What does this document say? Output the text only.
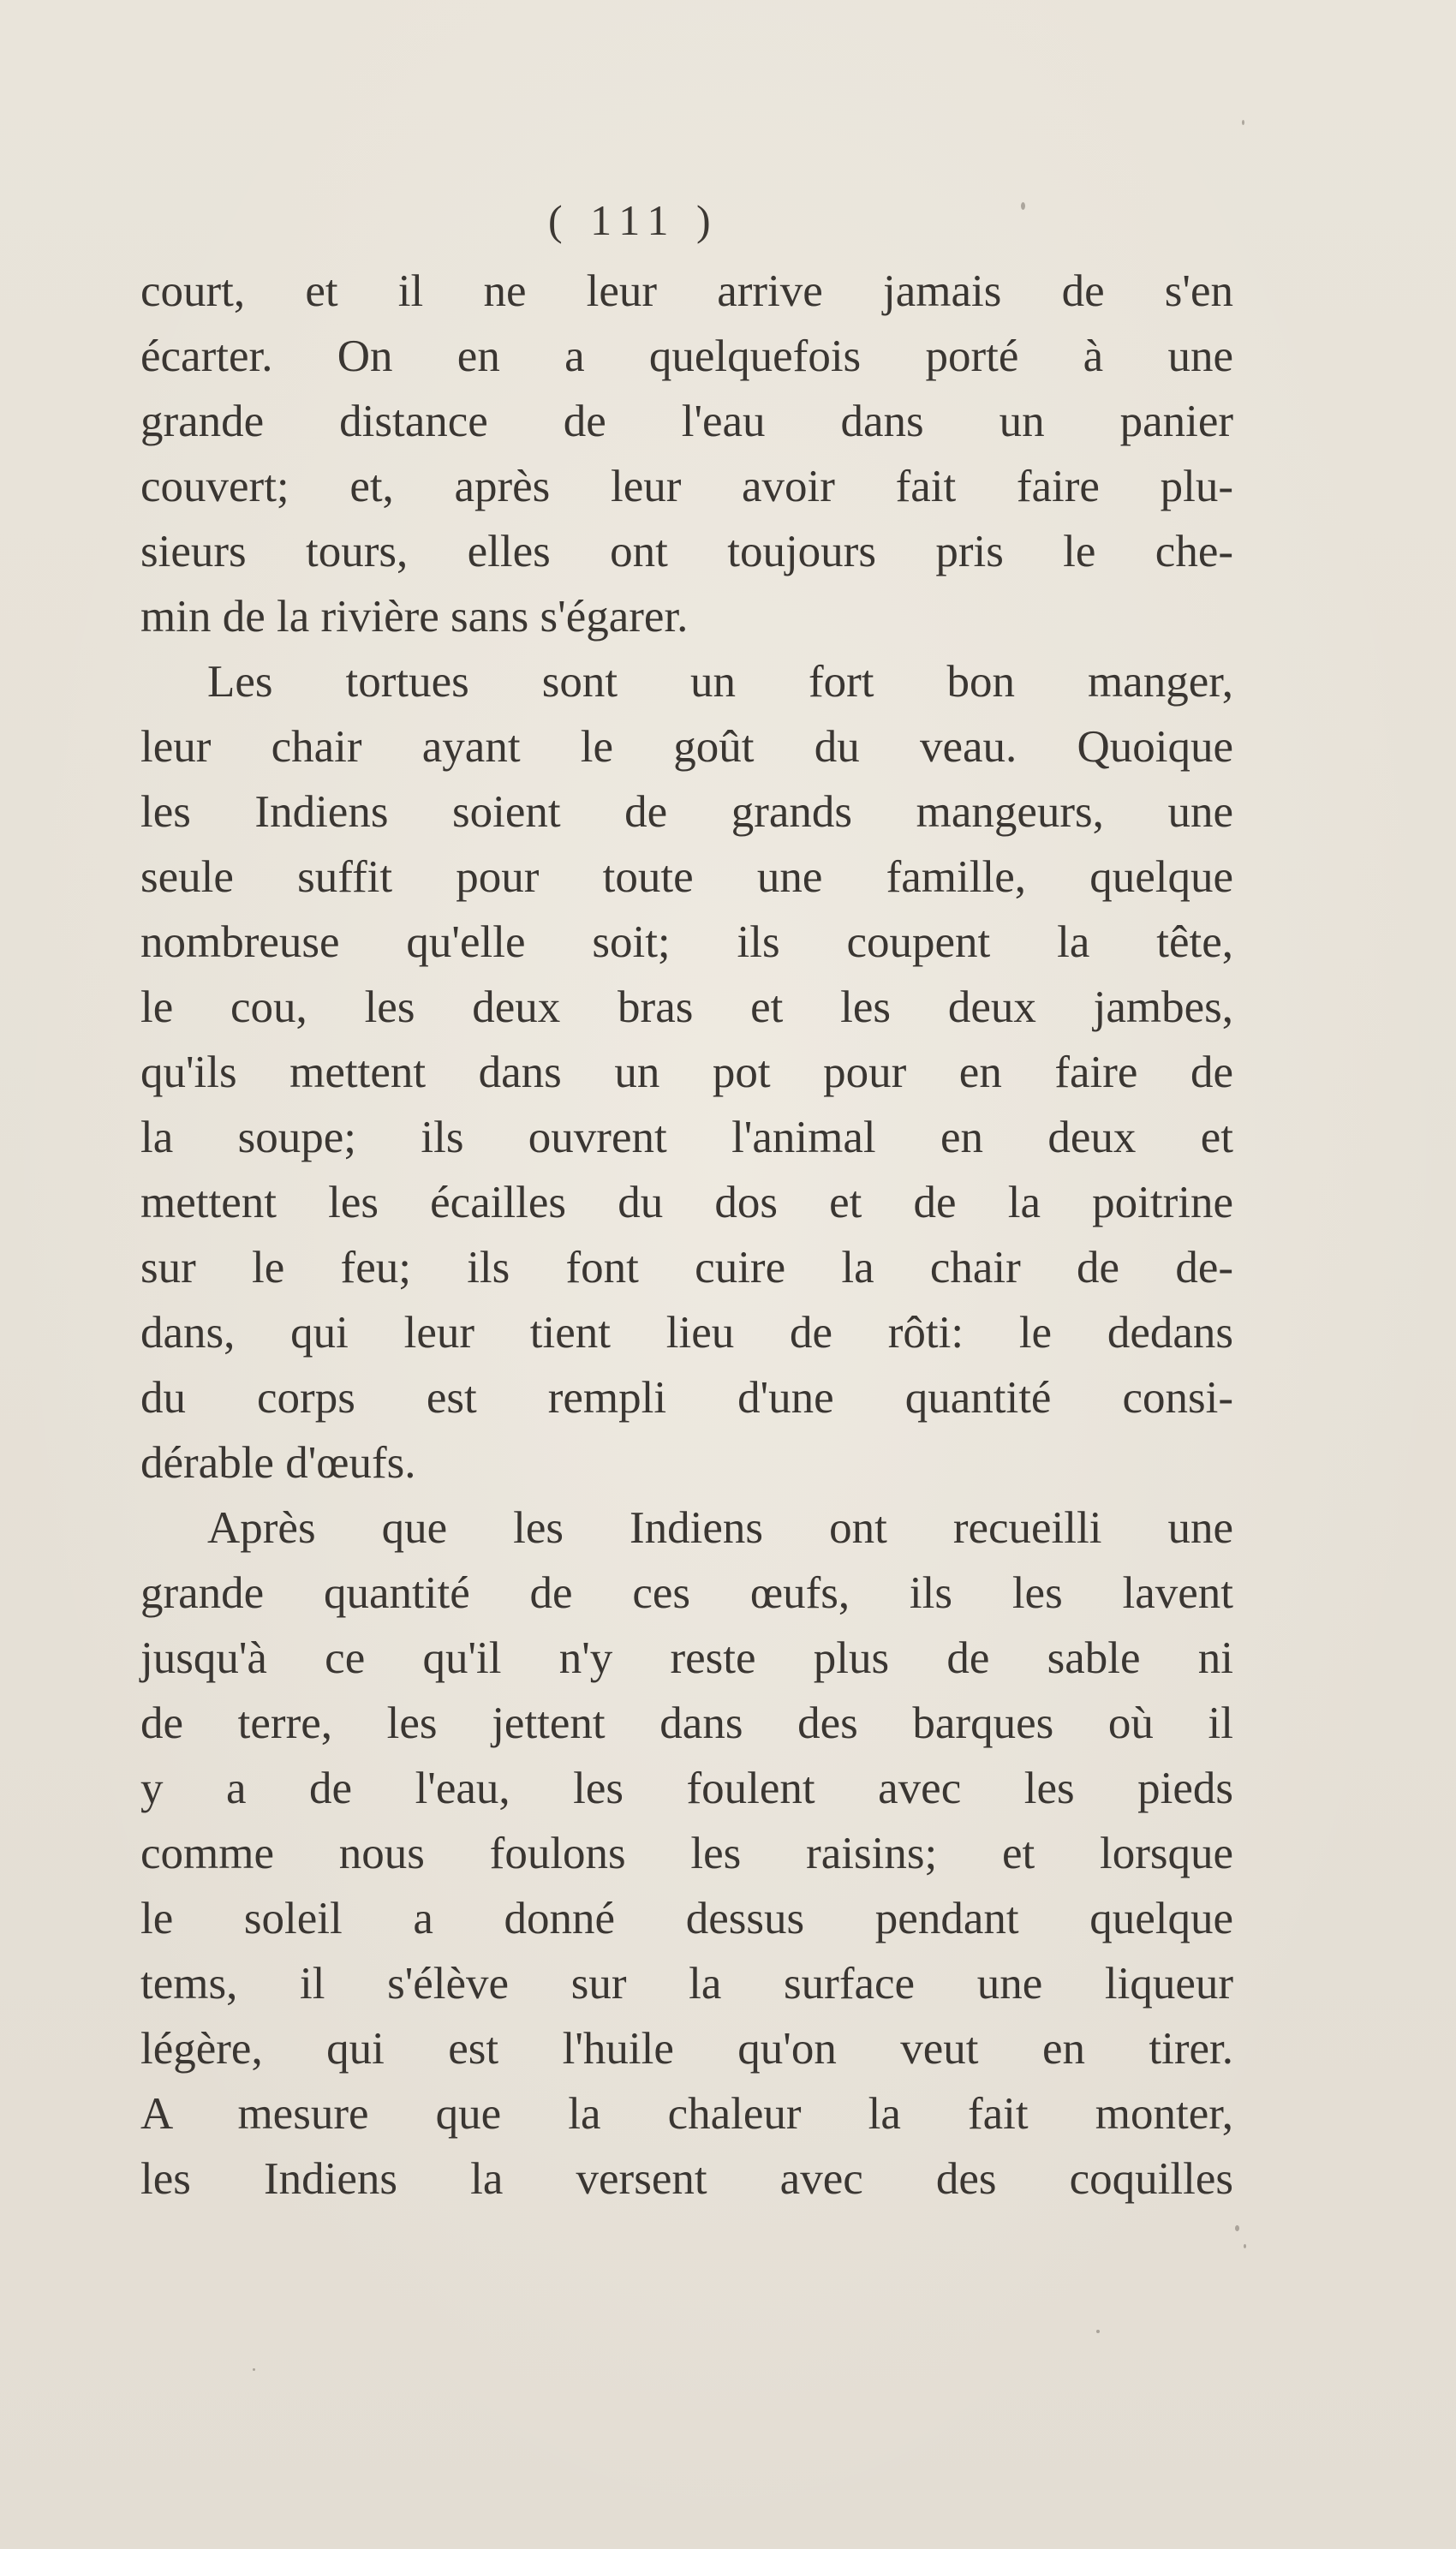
( 111 )
court, et il ne leur arrive jamais de s'en
écarter. On en a quelquefois porté à une
grande distance de l'eau dans un panier
couvert; et, après leur avoir fait faire plu-
sieurs tours, elles ont toujours pris le che-
min de la rivière sans s'égarer.
Les tortues sont un fort bon manger,
leur chair ayant le goût du veau. Quoique
les Indiens soient de grands mangeurs, une
seule suffit pour toute une famille, quelque
nombreuse qu'elle soit; ils coupent la tête,
le cou, les deux bras et les deux jambes,
qu'ils mettent dans un pot pour en faire de
la soupe; ils ouvrent l'animal en deux et
mettent les écailles du dos et de la poitrine
sur le feu; ils font cuire la chair de de-
dans, qui leur tient lieu de rôti: le dedans
du corps est rempli d'une quantité consi-
dérable d'œufs.
Après que les Indiens ont recueilli une
grande quantité de ces œufs, ils les lavent
jusqu'à ce qu'il n'y reste plus de sable ni
de terre, les jettent dans des barques où il
y a de l'eau, les foulent avec les pieds
comme nous foulons les raisins; et lorsque
le soleil a donné dessus pendant quelque
tems, il s'élève sur la surface une liqueur
légère, qui est l'huile qu'on veut en tirer.
A mesure que la chaleur la fait monter,
les Indiens la versent avec des coquilles
